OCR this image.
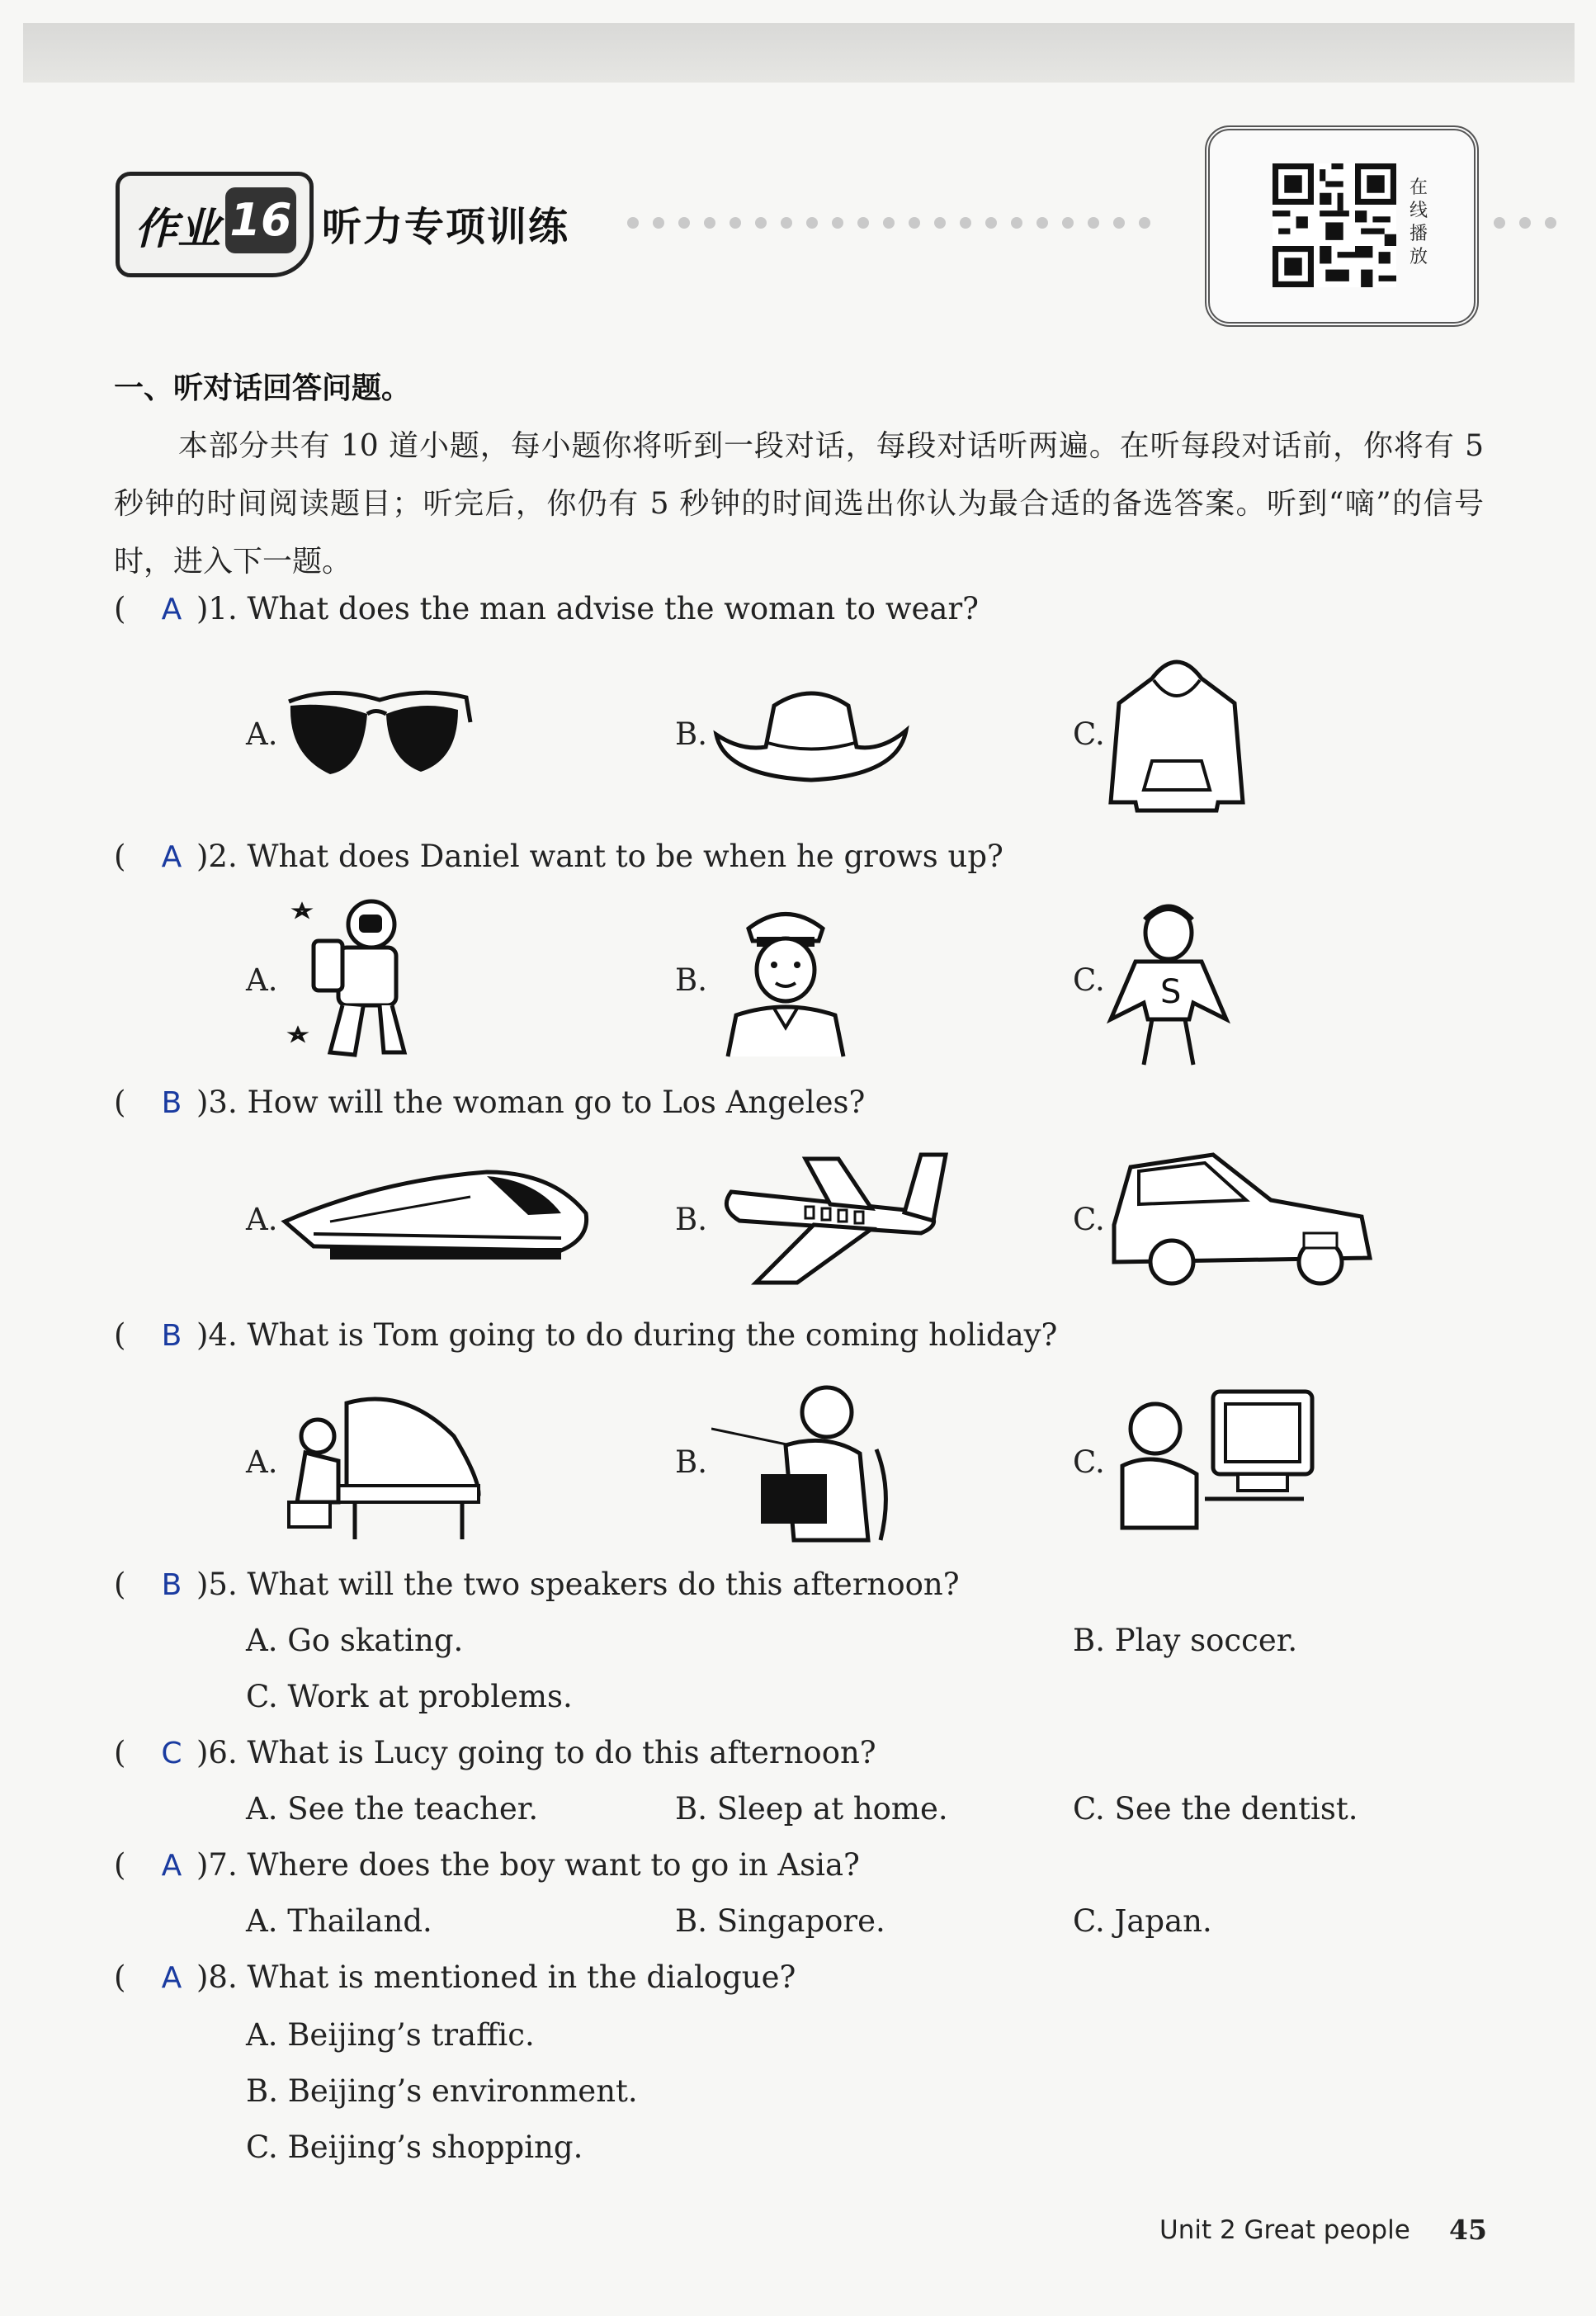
作业 16 听力专项训练
在线播放
一、听对话回答问题。
本部分共有 10 道小题，每小题你将听到一段对话，每段对话听两遍。在听每段对话前，你将有 5 秒钟的时间阅读题目；听完后，你仍有 5 秒钟的时间选出你认为最合适的备选答案。听到“嘀”的信号时，进入下一题。
( A )1. What does the man advise the woman to wear?
A.	B.	C.
( A )2. What does Daniel want to be when he grows up?
A.	B.	C. S
( B )3. How will the woman go to Los Angeles?
A.	B.	C.
( B )4. What is Tom going to do during the coming holiday?
A.	B.	C.
( B )5. What will the two speakers do this afternoon?
A. Go skating.	B. Play soccer.
C. Work at problems.
( C )6. What is Lucy going to do this afternoon?
A. See the teacher.	B. Sleep at home.	C. See the dentist.
( A )7. Where does the boy want to go in Asia?
A. Thailand.	B. Singapore.	C. Japan.
( A )8. What is mentioned in the dialogue?
A. Beijing’s traffic.
B. Beijing’s environment.
C. Beijing’s shopping.
Unit 2 Great people 45
